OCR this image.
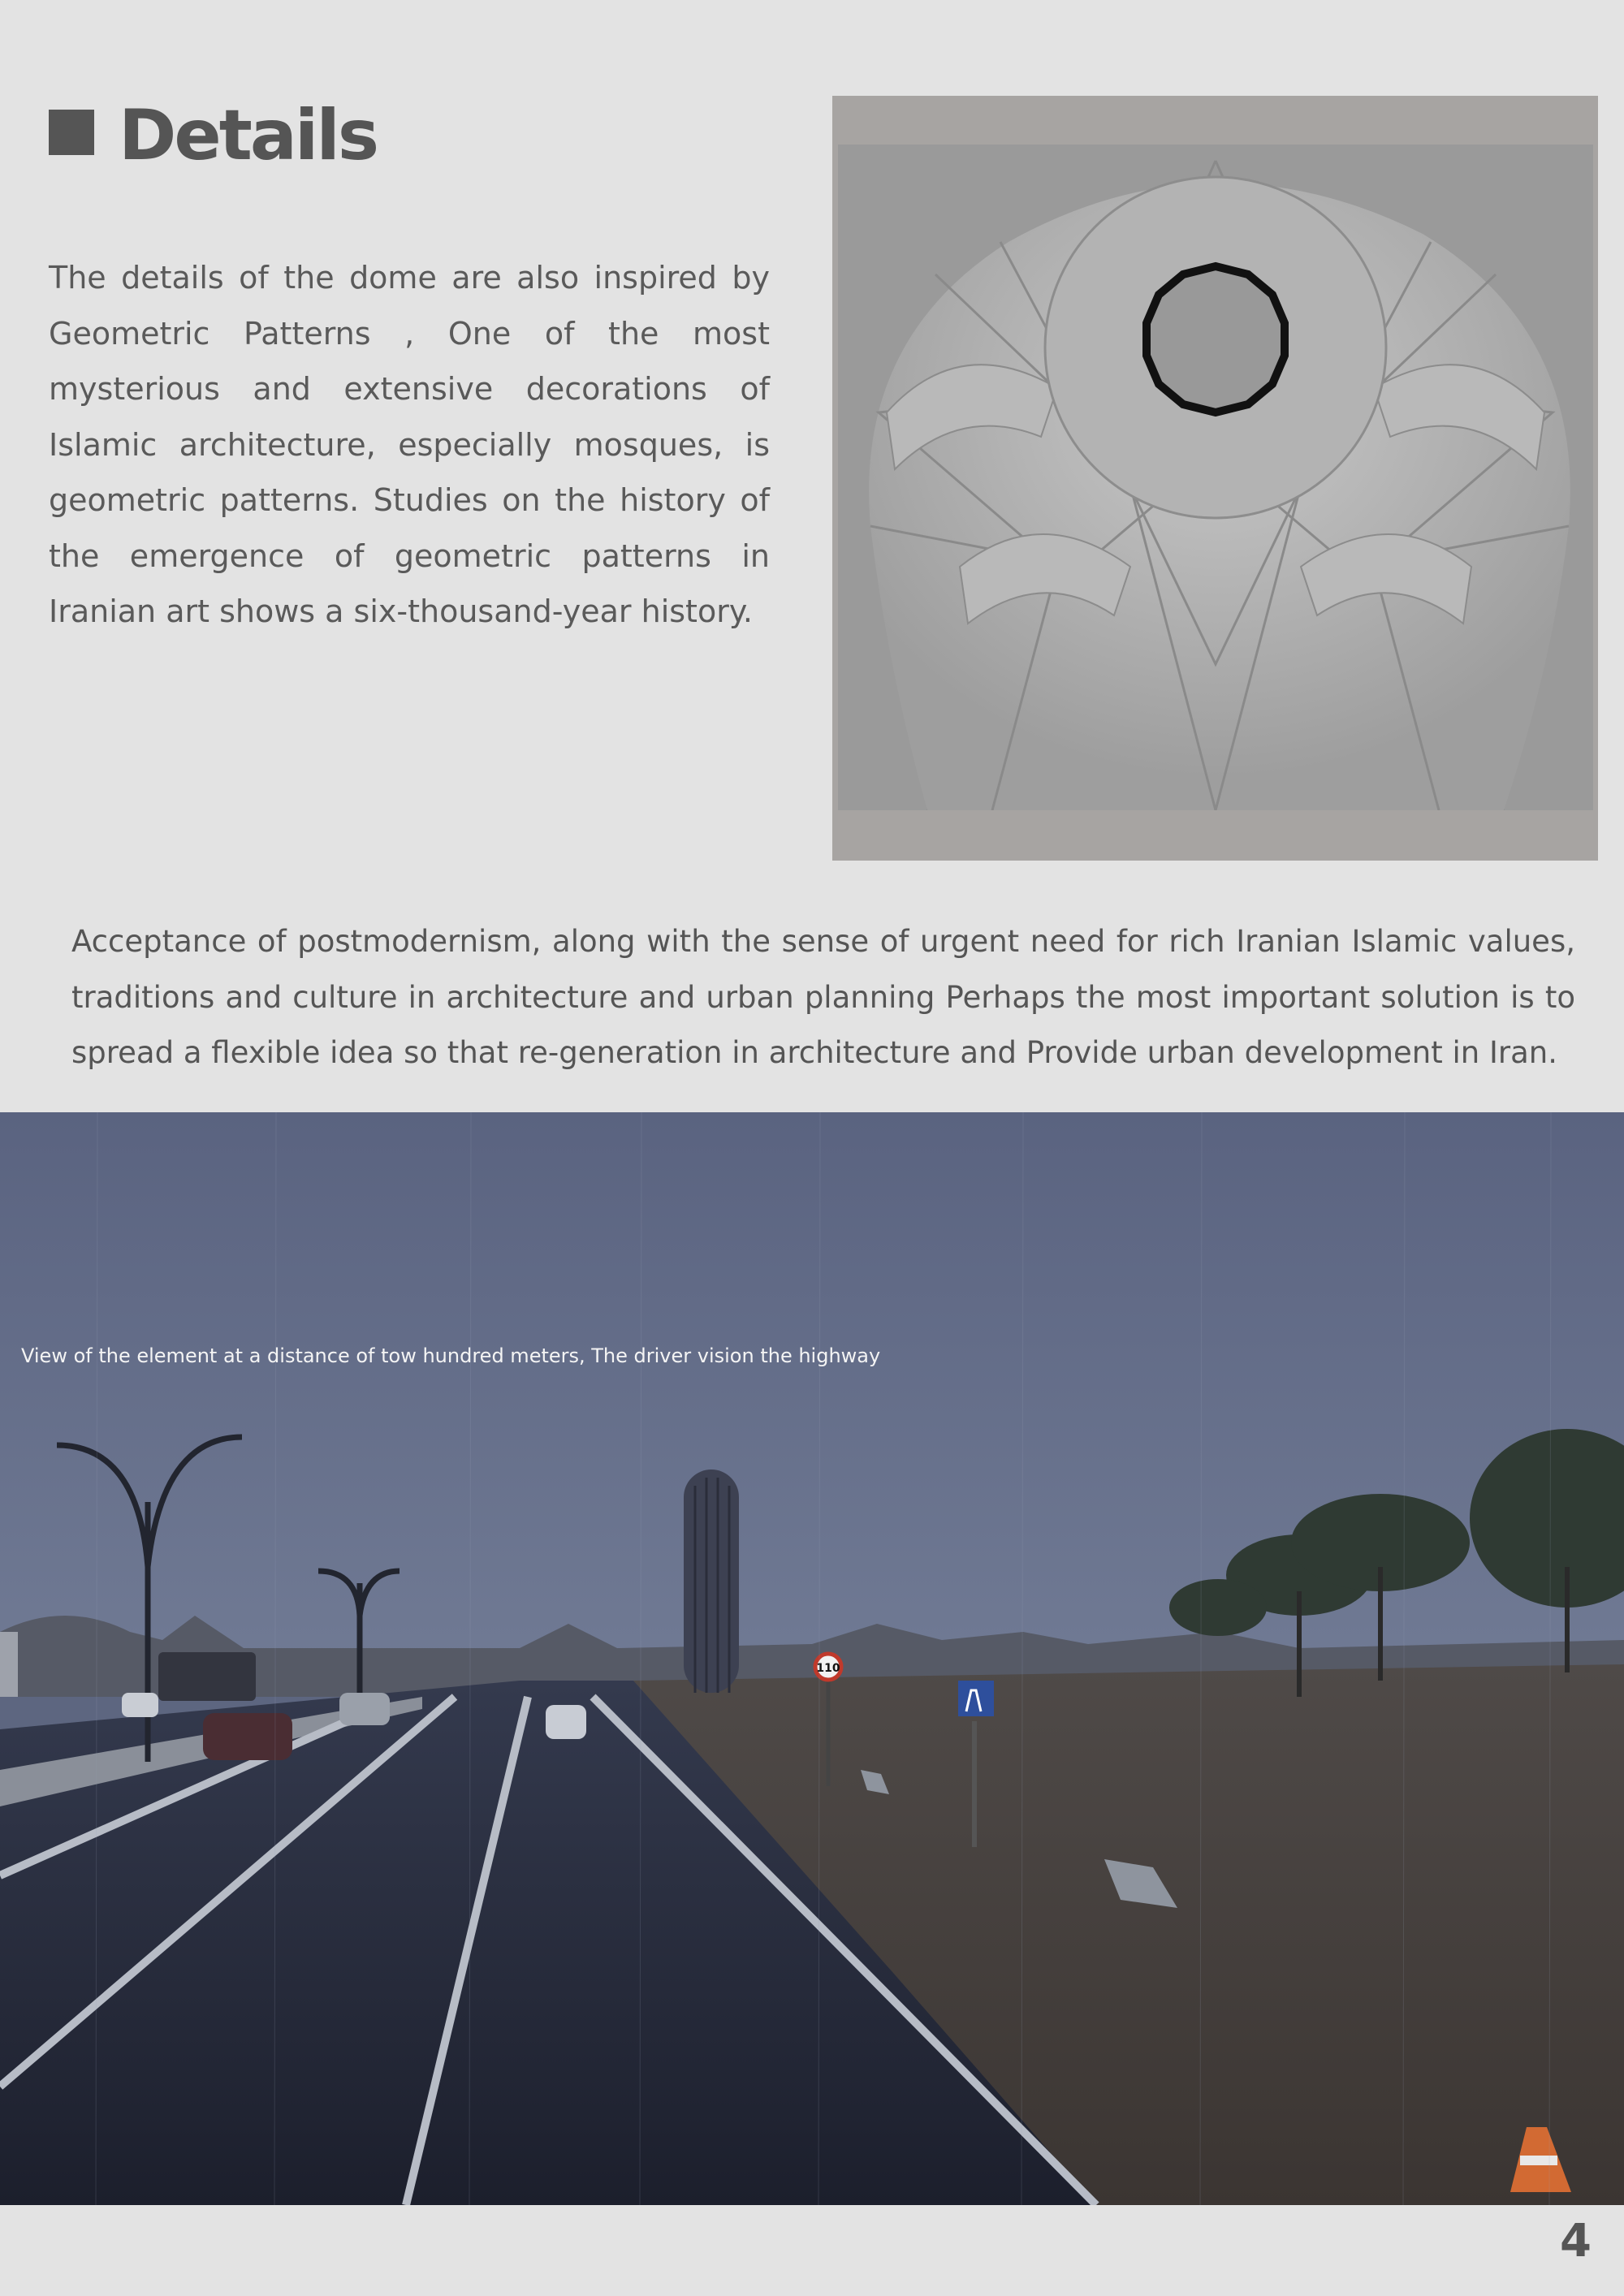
Details

The details of the dome are also inspired by Geometric Patterns , One of the most mysterious and extensive decorations of Islamic architecture, especially mosques, is geometric patterns. Studies on the history of the emergence of geometric patterns in Iranian art shows a six-thousand-year history.

Acceptance of postmodernism, along with the sense of urgent need for rich Iranian Islamic values, traditions and culture in architecture and urban planning Perhaps the most important solution is to spread a flexible idea so that re-generation in architecture and Provide urban development in Iran.

110
View of the element at a distance of tow hundred meters, The driver vision the highway
4
